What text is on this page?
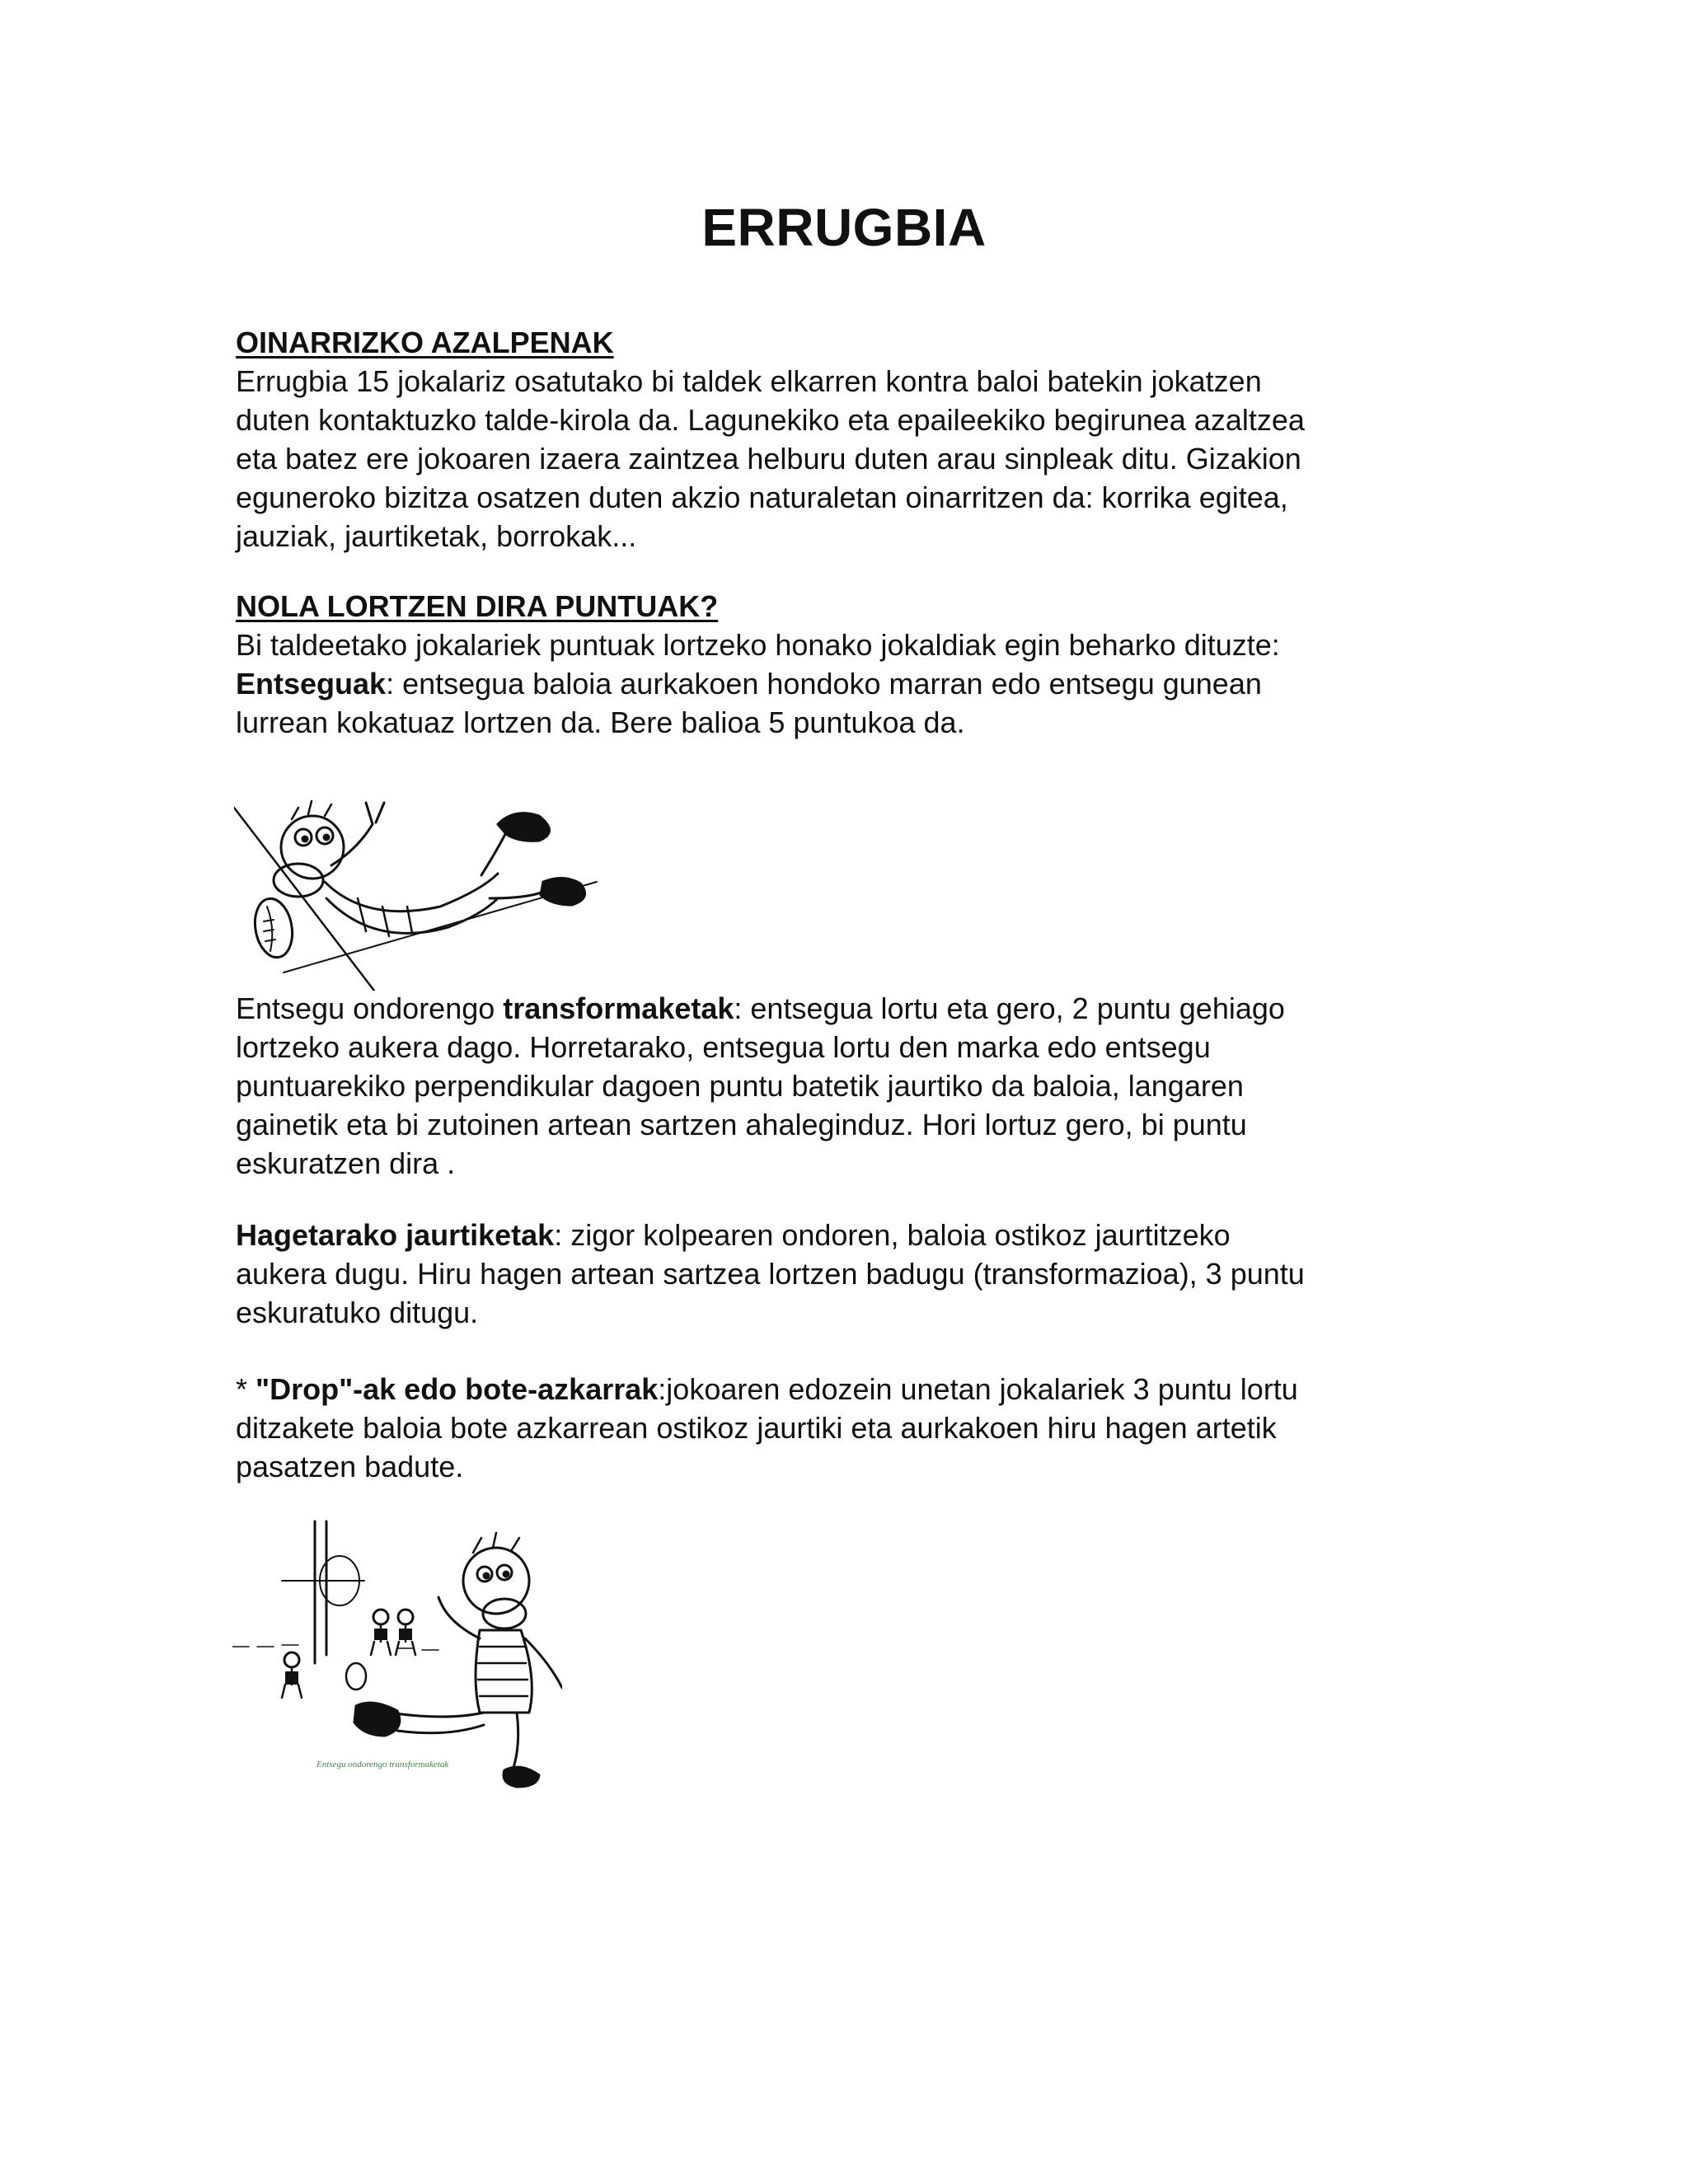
ERRUGBIA

OINARRIZKO AZALPENAK

Errugbia 15 jokalariz osatutako bi taldek elkarren kontra baloi batekin jokatzen

duten kontaktuzko talde-kirola da. Lagunekiko eta epaileekiko begirunea azaltzea

eta batez ere jokoaren izaera zaintzea helburu duten arau sinpleak ditu. Gizakion

eguneroko bizitza osatzen duten akzio naturaletan oinarritzen da: korrika egitea,

jauziak, jaurtiketak, borrokak...

NOLA LORTZEN DIRA PUNTUAK?

Bi taldeetako jokalariek puntuak lortzeko honako jokaldiak egin beharko dituzte:

Entseguak: entsegua baloia aurkakoen hondoko marran edo entsegu gunean

lurrean kokatuaz lortzen da. Bere balioa 5 puntukoa da.

Entsegu ondorengo transformaketak: entsegua lortu eta gero, 2 puntu gehiago

lortzeko aukera dago. Horretarako, entsegua lortu den marka edo entsegu

puntuarekiko perpendikular dagoen puntu batetik jaurtiko da baloia, langaren

gainetik eta bi zutoinen artean sartzen ahaleginduz. Hori lortuz gero, bi puntu

eskuratzen dira .

Hagetarako jaurtiketak: zigor kolpearen ondoren, baloia ostikoz jaurtitzeko

aukera dugu. Hiru hagen artean sartzea lortzen badugu (transformazioa), 3 puntu

eskuratuko ditugu.

* "Drop"-ak edo bote-azkarrak:jokoaren edozein unetan jokalariek 3 puntu lortu

ditzakete baloia bote azkarrean ostikoz jaurtiki eta aurkakoen hiru hagen artetik

pasatzen badute.

Entsegu ondorengo transformaketak
